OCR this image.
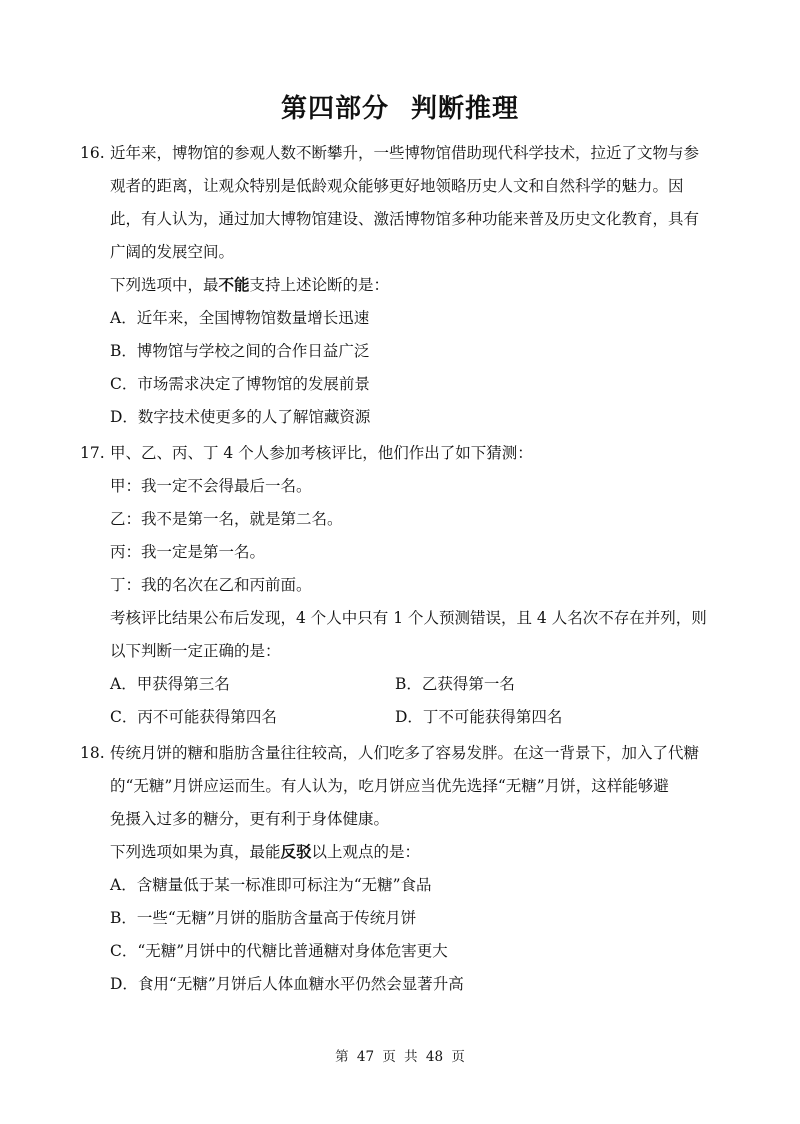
第四部分 判断推理
16. 近年来，博物馆的参观人数不断攀升，一些博物馆借助现代科学技术，拉近了文物与参
观者的距离，让观众特别是低龄观众能够更好地领略历史人文和自然科学的魅力。因
此，有人认为，通过加大博物馆建设、激活博物馆多种功能来普及历史文化教育，具有
广阔的发展空间。
下列选项中，最不能支持上述论断的是：
A．近年来，全国博物馆数量增长迅速
B．博物馆与学校之间的合作日益广泛
C．市场需求决定了博物馆的发展前景
D．数字技术使更多的人了解馆藏资源
17. 甲、乙、丙、丁 4 个人参加考核评比，他们作出了如下猜测：
甲：我一定不会得最后一名。
乙：我不是第一名，就是第二名。
丙：我一定是第一名。
丁：我的名次在乙和丙前面。
考核评比结果公布后发现，4 个人中只有 1 个人预测错误，且 4 人名次不存在并列，则
以下判断一定正确的是：
A．甲获得第三名	B．乙获得第一名
C．丙不可能获得第四名	D．丁不可能获得第四名
18. 传统月饼的糖和脂肪含量往往较高，人们吃多了容易发胖。在这一背景下，加入了代糖
的“无糖”月饼应运而生。有人认为，吃月饼应当优先选择“无糖”月饼，这样能够避
免摄入过多的糖分，更有利于身体健康。
下列选项如果为真，最能反驳以上观点的是：
A．含糖量低于某一标准即可标注为“无糖”食品
B．一些“无糖”月饼的脂肪含量高于传统月饼
C．“无糖”月饼中的代糖比普通糖对身体危害更大
D．食用“无糖”月饼后人体血糖水平仍然会显著升高
第 47 页 共 48 页
